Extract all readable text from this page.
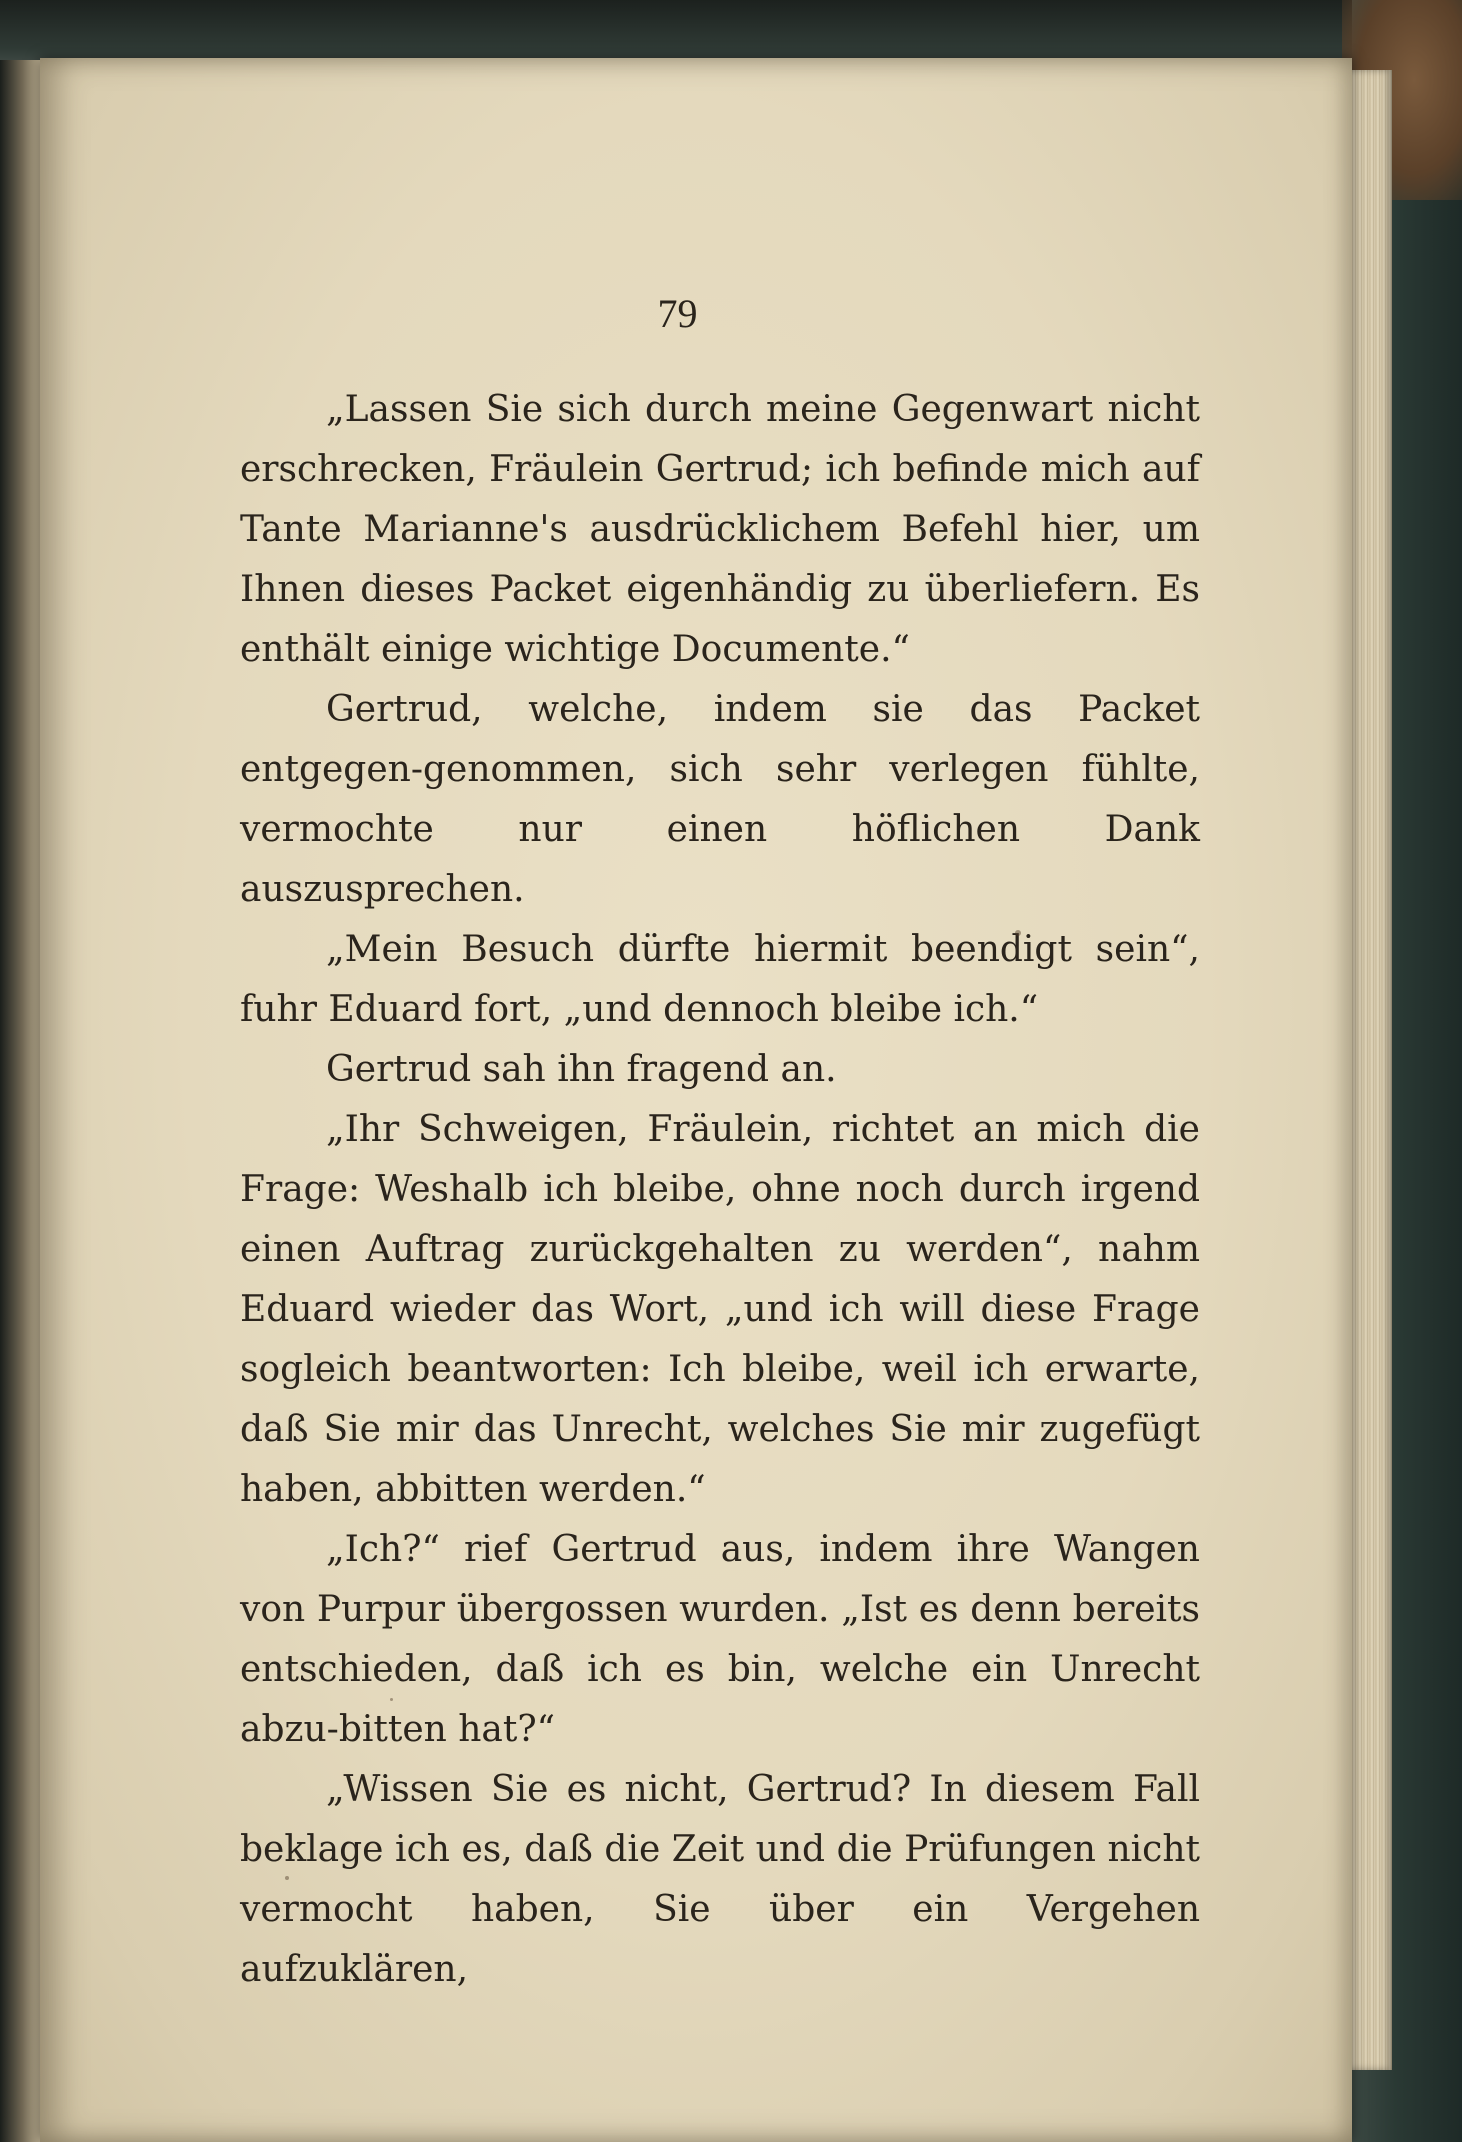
79

„Lassen Sie sich durch meine Gegenwart nicht erschrecken, Fräulein Gertrud; ich befinde mich auf Tante Marianne's ausdrücklichem Befehl hier, um Ihnen dieses Packet eigenhändig zu überliefern. Es enthält einige wichtige Documente.“

Gertrud, welche, indem sie das Packet entgegen-genommen, sich sehr verlegen fühlte, vermochte nur einen höflichen Dank auszusprechen.

„Mein Besuch dürfte hiermit beendigt sein“, fuhr Eduard fort, „und dennoch bleibe ich.“

Gertrud sah ihn fragend an.

„Ihr Schweigen, Fräulein, richtet an mich die Frage: Weshalb ich bleibe, ohne noch durch irgend einen Auftrag zurückgehalten zu werden“, nahm Eduard wieder das Wort, „und ich will diese Frage sogleich beantworten: Ich bleibe, weil ich erwarte, daß Sie mir das Unrecht, welches Sie mir zugefügt haben, abbitten werden.“

„Ich?“ rief Gertrud aus, indem ihre Wangen von Purpur übergossen wurden. „Ist es denn bereits entschieden, daß ich es bin, welche ein Unrecht abzu-bitten hat?“

„Wissen Sie es nicht, Gertrud? In diesem Fall beklage ich es, daß die Zeit und die Prüfungen nicht vermocht haben, Sie über ein Vergehen aufzuklären,
